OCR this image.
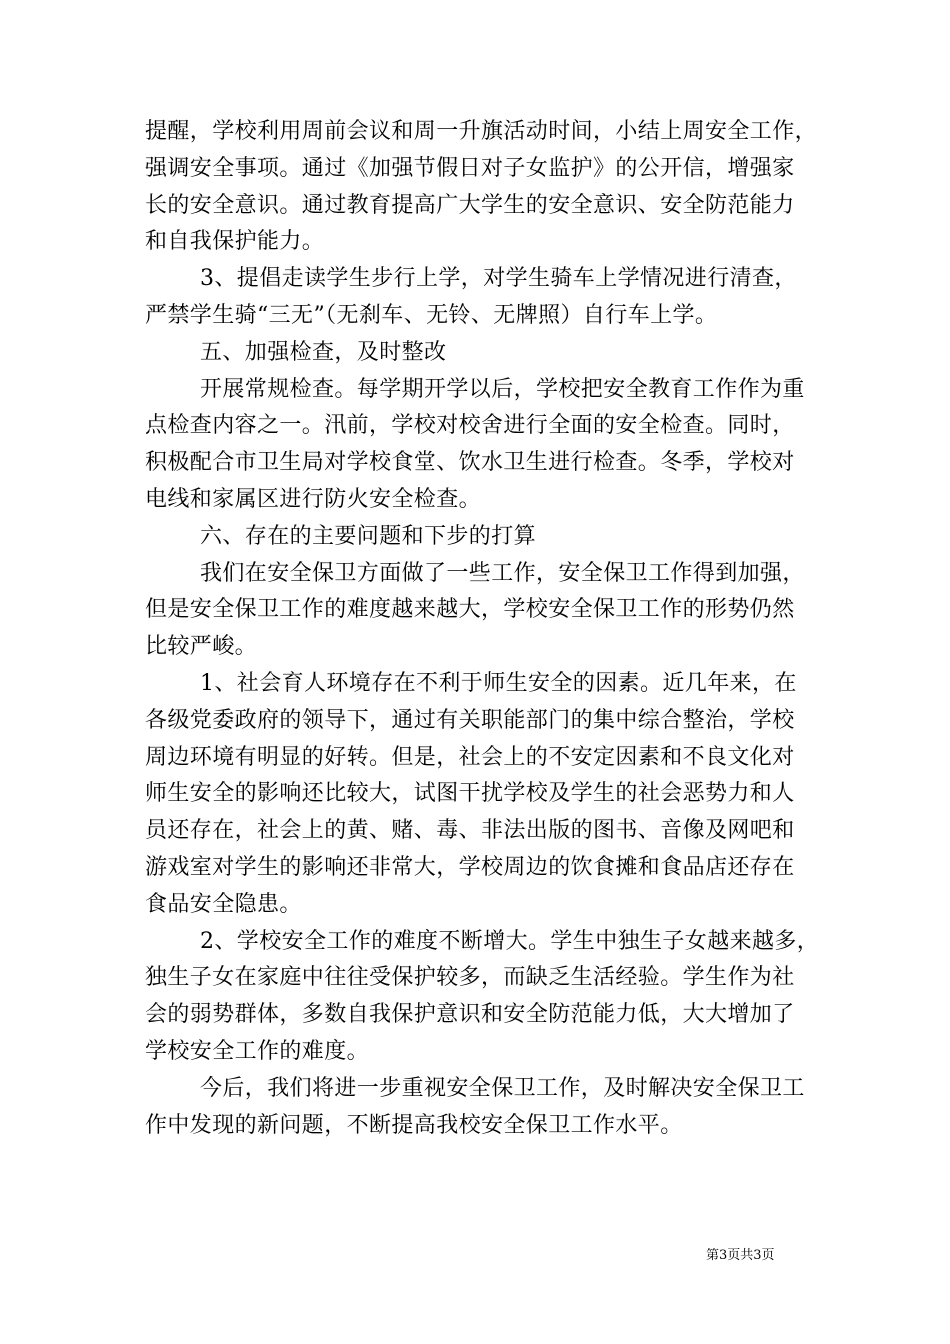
提醒，学校利用周前会议和周一升旗活动时间，小结上周安全工作，
强调安全事项。通过《加强节假日对子女监护》的公开信，增强家
长的安全意识。通过教育提高广大学生的安全意识、安全防范能力
和自我保护能力。
3、提倡走读学生步行上学，对学生骑车上学情况进行清查，
严禁学生骑“三无”（无刹车、无铃、无牌照）自行车上学。
五、加强检查，及时整改
开展常规检查。每学期开学以后，学校把安全教育工作作为重
点检查内容之一。汛前，学校对校舍进行全面的安全检查。同时，
积极配合市卫生局对学校食堂、饮水卫生进行检查。冬季，学校对
电线和家属区进行防火安全检查。
六、存在的主要问题和下步的打算
我们在安全保卫方面做了一些工作，安全保卫工作得到加强，
但是安全保卫工作的难度越来越大，学校安全保卫工作的形势仍然
比较严峻。
1、社会育人环境存在不利于师生安全的因素。近几年来，在
各级党委政府的领导下，通过有关职能部门的集中综合整治，学校
周边环境有明显的好转。但是，社会上的不安定因素和不良文化对
师生安全的影响还比较大，试图干扰学校及学生的社会恶势力和人
员还存在，社会上的黄、赌、毒、非法出版的图书、音像及网吧和
游戏室对学生的影响还非常大，学校周边的饮食摊和食品店还存在
食品安全隐患。
2、学校安全工作的难度不断增大。学生中独生子女越来越多，
独生子女在家庭中往往受保护较多，而缺乏生活经验。学生作为社
会的弱势群体，多数自我保护意识和安全防范能力低，大大增加了
学校安全工作的难度。
今后，我们将进一步重视安全保卫工作，及时解决安全保卫工
作中发现的新问题，不断提高我校安全保卫工作水平。
第3页共3页
